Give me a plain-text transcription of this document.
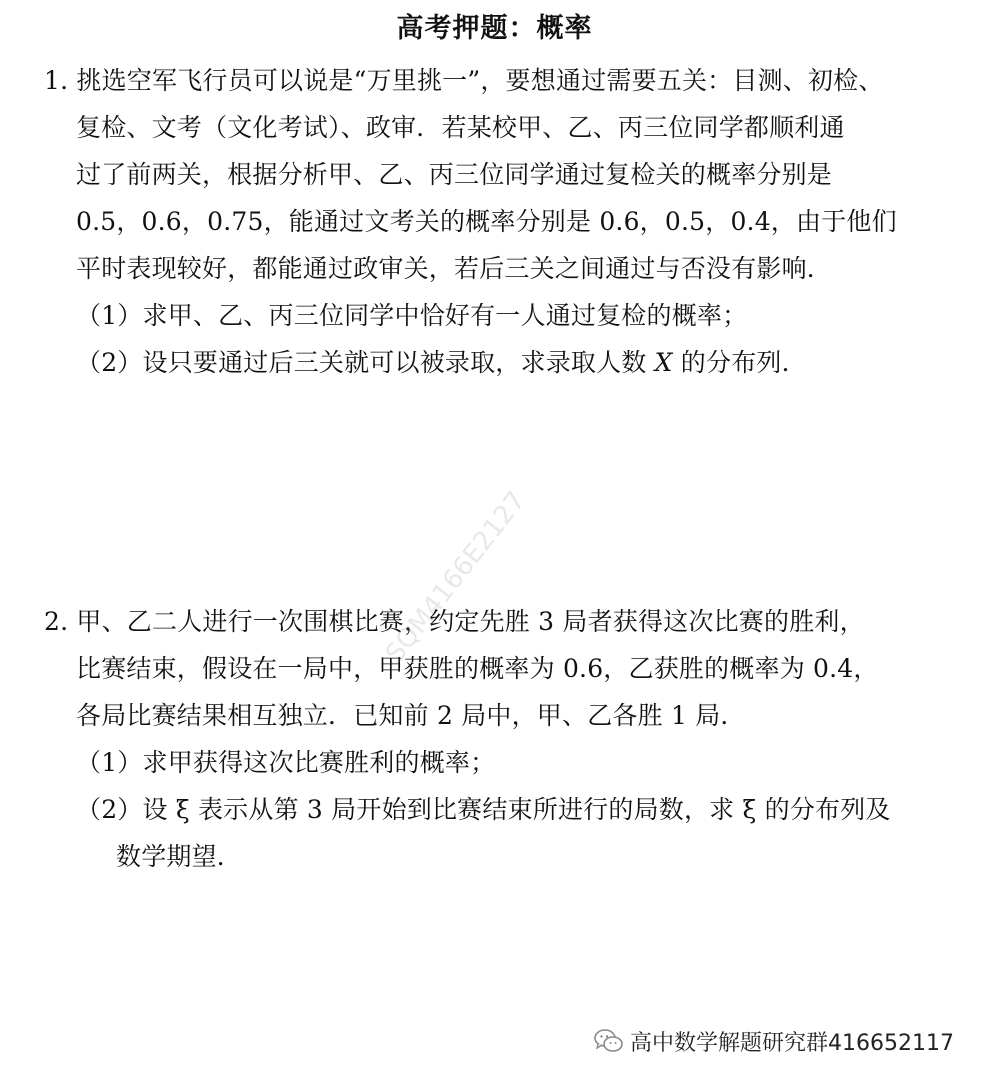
高考押题：概率
1. 挑选空军飞行员可以说是“万里挑一”，要想通过需要五关：目测、初检、
复检、文考（文化考试）、政审．若某校甲、乙、丙三位同学都顺利通
过了前两关，根据分析甲、乙、丙三位同学通过复检关的概率分别是
0.5，0.6，0.75，能通过文考关的概率分别是 0.6，0.5，0.4，由于他们
平时表现较好，都能通过政审关，若后三关之间通过与否没有影响．
（1）求甲、乙、丙三位同学中恰好有一人通过复检的概率；
（2）设只要通过后三关就可以被录取，求录取人数 X 的分布列．
2. 甲、乙二人进行一次围棋比赛，约定先胜 3 局者获得这次比赛的胜利，
比赛结束，假设在一局中，甲获胜的概率为 0.6，乙获胜的概率为 0.4，
各局比赛结果相互独立．已知前 2 局中，甲、乙各胜 1 局．
（1）求甲获得这次比赛胜利的概率；
（2）设 ξ 表示从第 3 局开始到比赛结束所进行的局数，求 ξ 的分布列及
数学期望．
SQM4166E2127
高中数学解题研究群416652117
